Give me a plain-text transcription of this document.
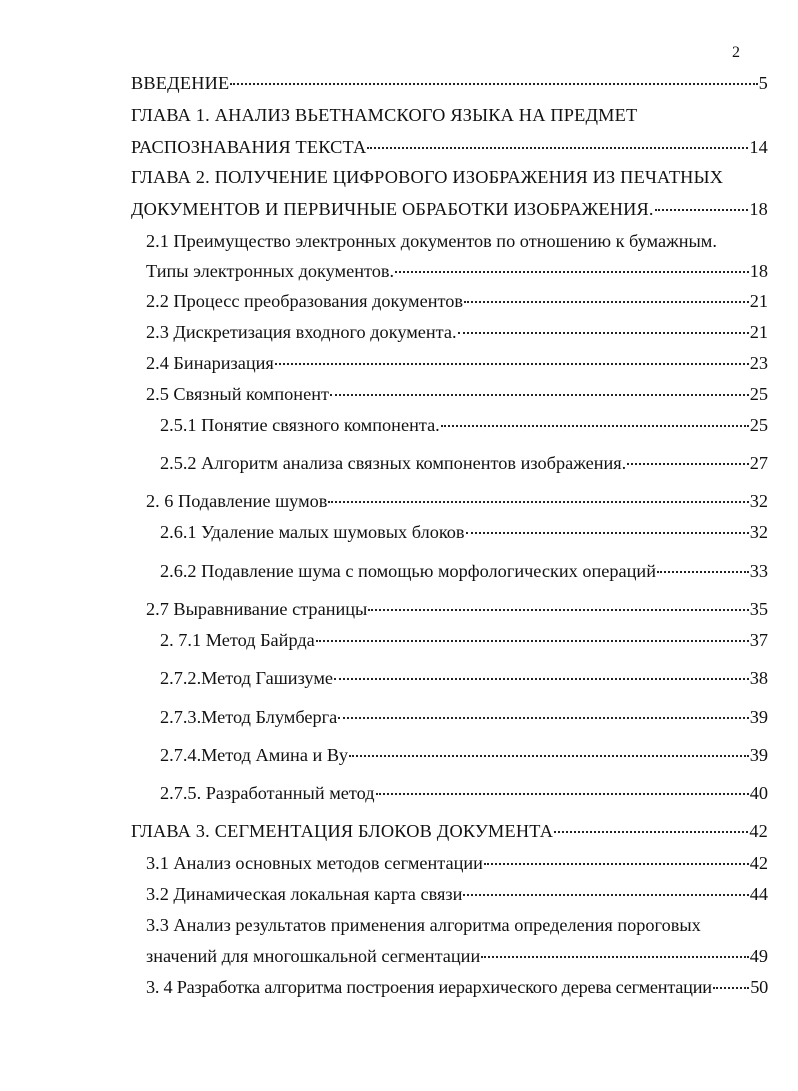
2
ВВЕДЕНИЕ	5
ГЛАВА 1. АНАЛИЗ ВЬЕТНАМСКОГО ЯЗЫКА НА ПРЕДМЕТ
РАСПОЗНАВАНИЯ ТЕКСТА	14
ГЛАВА 2. ПОЛУЧЕНИЕ ЦИФРОВОГО ИЗОБРАЖЕНИЯ ИЗ ПЕЧАТНЫХ
ДОКУМЕНТОВ И ПЕРВИЧНЫЕ ОБРАБОТКИ ИЗОБРАЖЕНИЯ.	18
2.1 Преимущество электронных документов по отношению к бумажным.
Типы электронных документов.	18
2.2 Процесс преобразования документов	21
2.3 Дискретизация входного документа.	21
2.4 Бинаризация	23
2.5 Связный компонент	25
2.5.1 Понятие связного компонента.	25
2.5.2 Алгоритм анализа связных компонентов изображения.	27
2. 6 Подавление шумов	32
2.6.1 Удаление малых шумовых блоков	32
2.6.2 Подавление шума с помощью морфологических операций	33
2.7 Выравнивание страницы	35
2. 7.1 Метод Байрда	37
2.7.2.Метод Гашизуме	38
2.7.3.Метод Блумберга	39
2.7.4.Метод Амина и Ву	39
2.7.5. Разработанный метод	40
ГЛАВА 3. СЕГМЕНТАЦИЯ БЛОКОВ ДОКУМЕНТА	42
3.1 Анализ основных методов сегментации	42
3.2 Динамическая локальная карта связи	44
3.3 Анализ результатов применения алгоритма определения пороговых
значений для многошкальной сегментации	49
3. 4 Разработка алгоритма построения иерархического дерева сегментации 50
